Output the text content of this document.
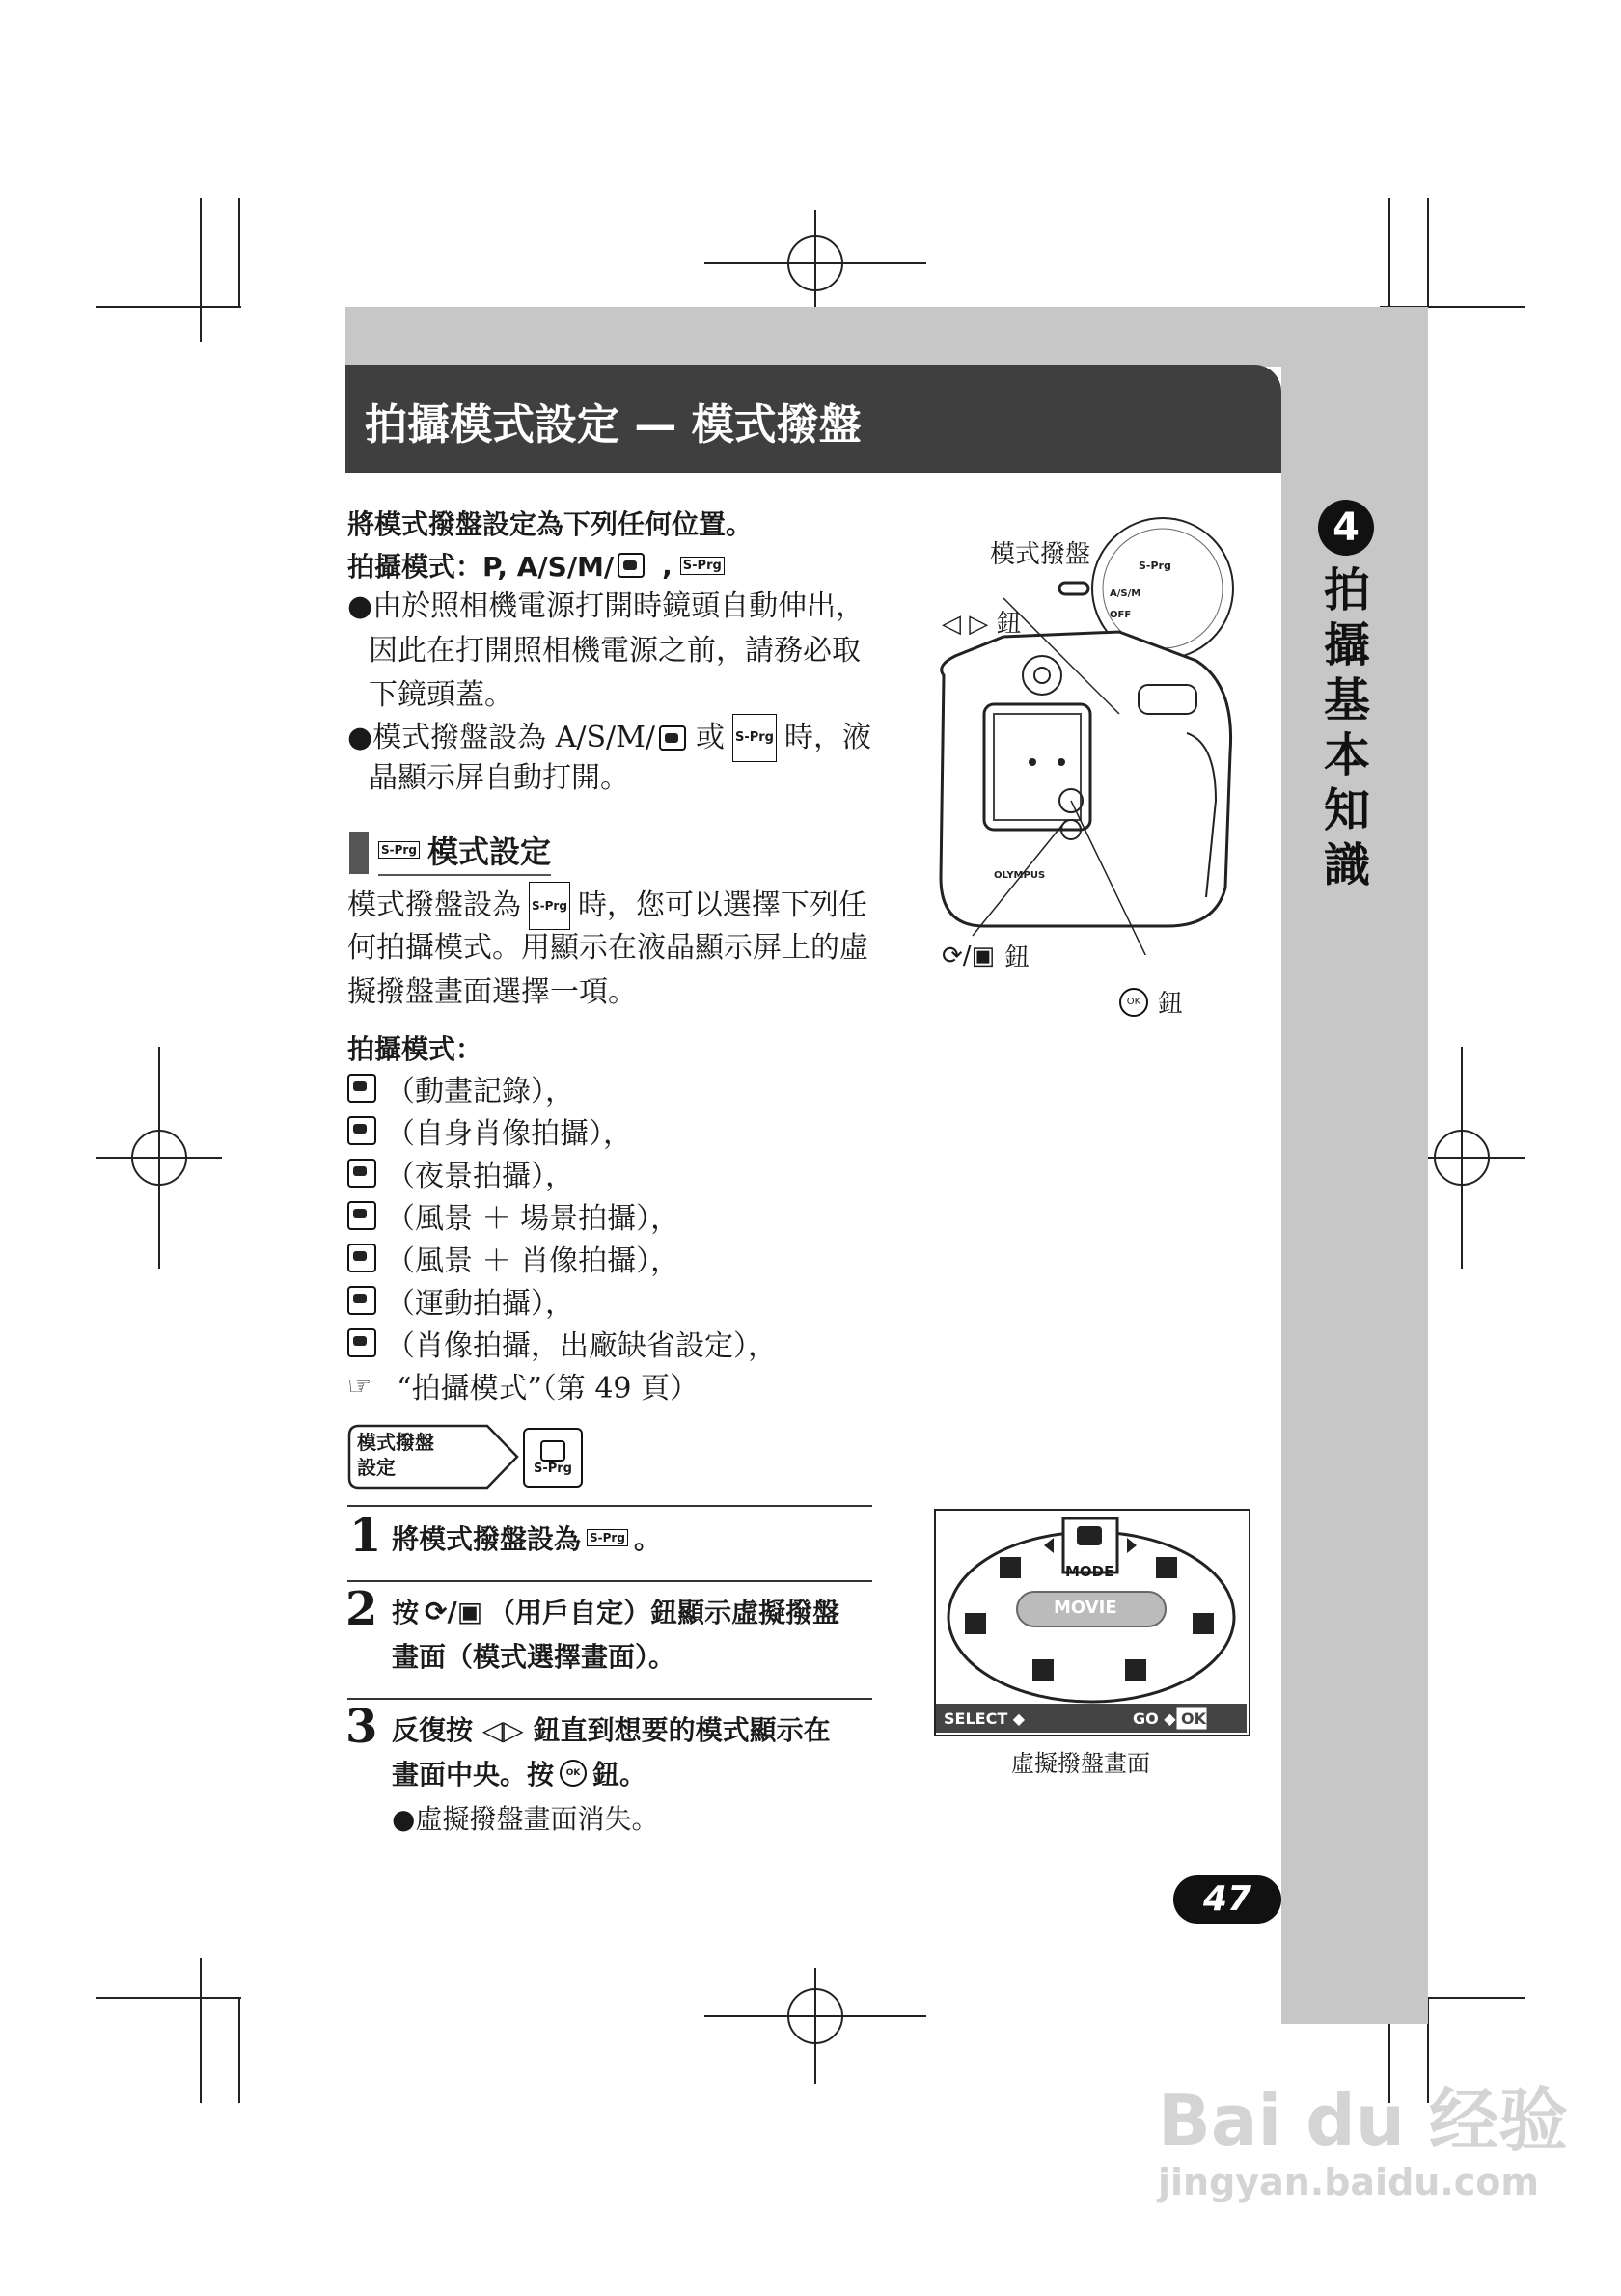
拍攝模式設定 — 模式撥盤
4
拍攝基本知識
將模式撥盤設定為下列任何位置。
拍攝模式：P, A/S/M/ , S-Prg
●由於照相機電源打開時鏡頭自動伸出，
因此在打開照相機電源之前，請務必取
下鏡頭蓋。
● 模式撥盤設為 A/S/M/ 或 S-Prg 時，液
晶顯示屏自動打開。
模式撥盤
◁ ▷ 鈕
⟳/▣ 鈕
OK 鈕
S-Prg
A/S/M
OFF
OLYMPUS
S-Prg 模式設定
模式撥盤設為 S-Prg 時，您可以選擇下列任
何拍攝模式。用顯示在液晶顯示屏上的虛
擬撥盤畫面選擇一項。
拍攝模式：
（動畫記錄），
（自身肖像拍攝），
（夜景拍攝），
（風景 ＋ 場景拍攝），
（風景 ＋ 肖像拍攝），
（運動拍攝），
（肖像拍攝，出廠缺省設定），
☞ “拍攝模式”（第 49 頁）
模式撥盤
設定	S-Prg
1 將模式撥盤設為 S-Prg 。
2 按 ⟳/▣ （用戶自定）鈕顯示虛擬撥盤
畫面（模式選擇畫面）。
3 反復按 ◁▷ 鈕直到想要的模式顯示在
畫面中央。按	OK 鈕。
●虛擬撥盤畫面消失。
MODE
MOVIE
SELECT ◆	GO ◆ OK
虛擬撥盤畫面
47
Bai du 经验
jingyan.baidu.com
